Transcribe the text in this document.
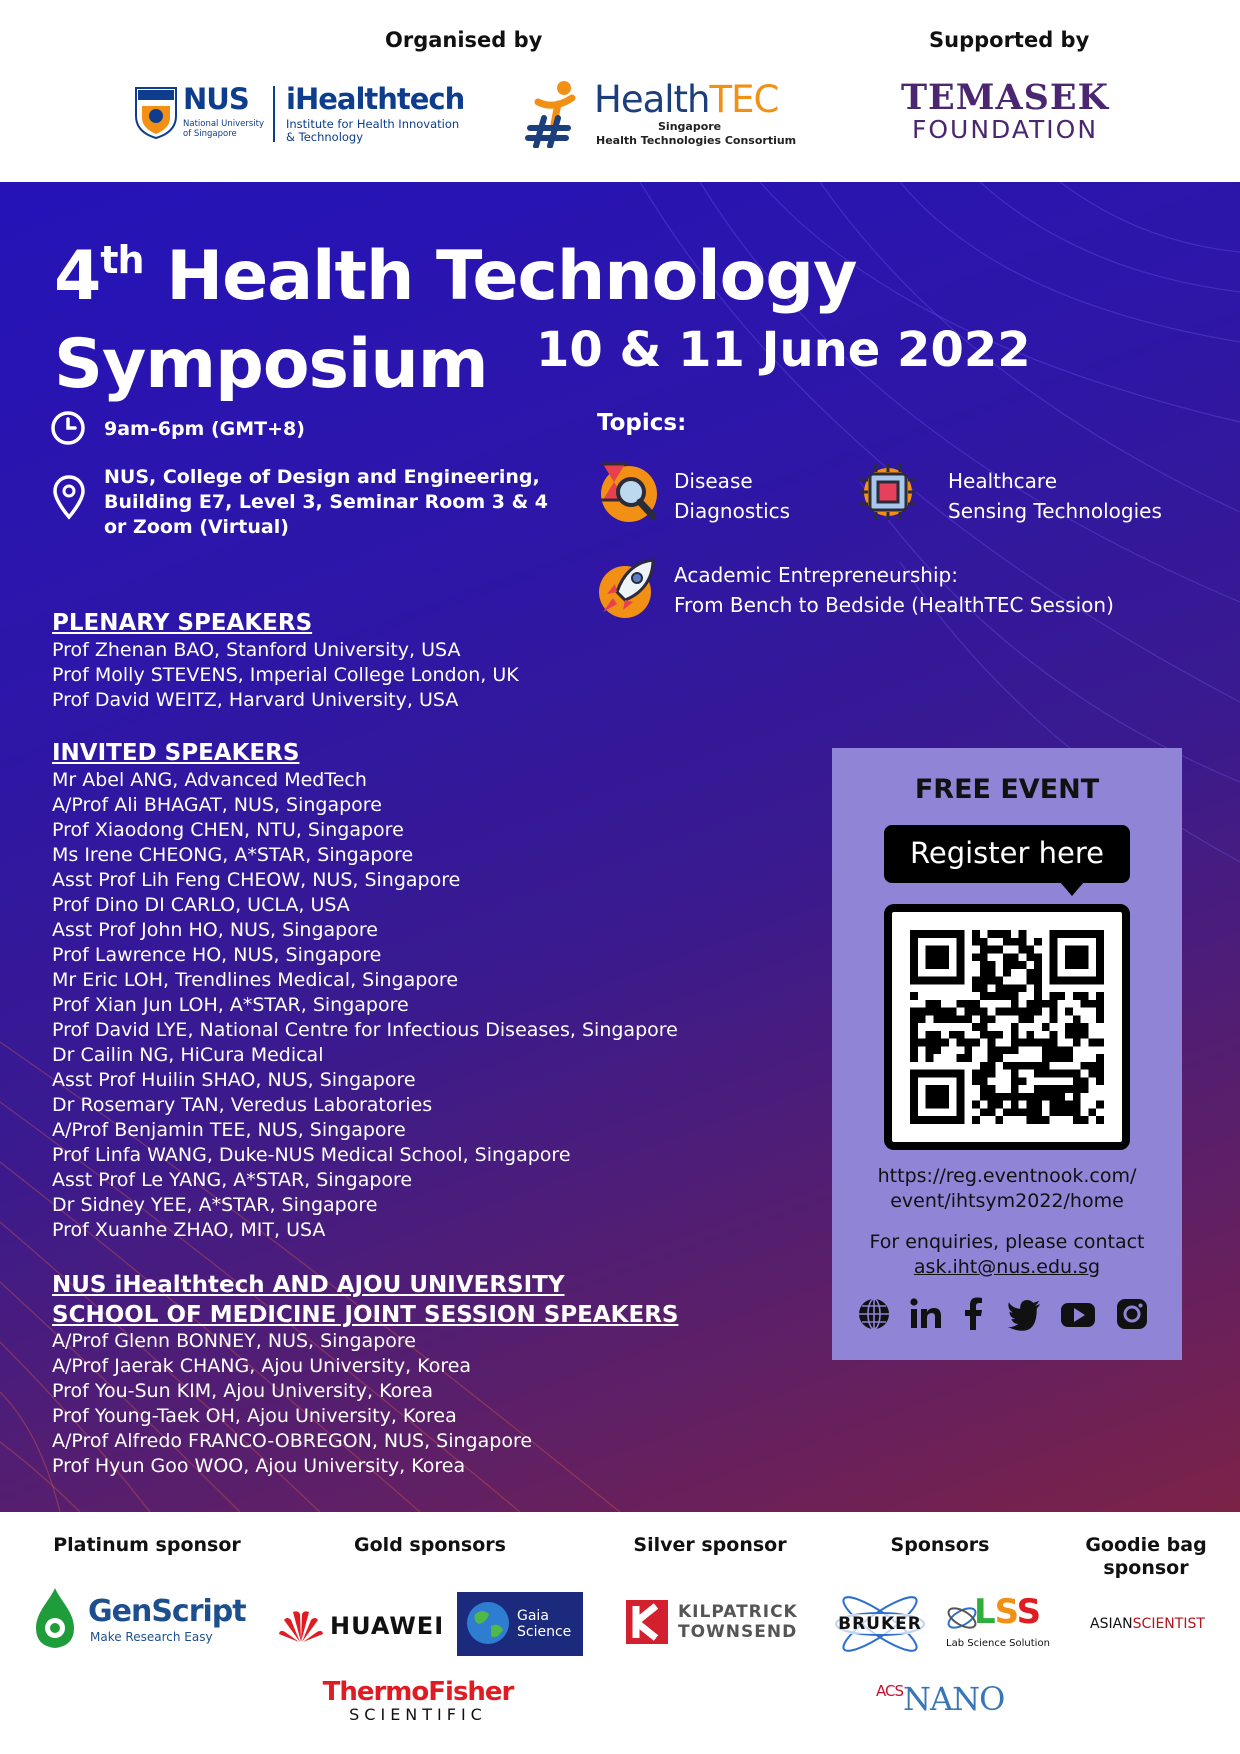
Organised by	Supported by
NUS
National University
of Singapore
iHealthtech
Institute for Health Innovation
& Technology
HealthTEC
Singapore
Health Technologies Consortium
TEMASEK
FOUNDATION
4th Health Technology
Symposium	10 & 11 June 2022
9am-6pm (GMT+8)
NUS, College of Design and Engineering,
Building E7, Level 3, Seminar Room 3 & 4
or Zoom (Virtual)
Topics:
Disease
Diagnostics
Healthcare
Sensing Technologies
Academic Entrepreneurship:
From Bench to Bedside (HealthTEC Session)
PLENARY SPEAKERS
Prof Zhenan BAO, Stanford University, USA
Prof Molly STEVENS, Imperial College London, UK
Prof David WEITZ, Harvard University, USA
INVITED SPEAKERS
Mr Abel ANG, Advanced MedTech
A/Prof Ali BHAGAT, NUS, Singapore
Prof Xiaodong CHEN, NTU, Singapore
Ms Irene CHEONG, A*STAR, Singapore
Asst Prof Lih Feng CHEOW, NUS, Singapore
Prof Dino DI CARLO, UCLA, USA
Asst Prof John HO, NUS, Singapore
Prof Lawrence HO, NUS, Singapore
Mr Eric LOH, Trendlines Medical, Singapore
Prof Xian Jun LOH, A*STAR, Singapore
Prof David LYE, National Centre for Infectious Diseases, Singapore
Dr Cailin NG, HiCura Medical
Asst Prof Huilin SHAO, NUS, Singapore
Dr Rosemary TAN, Veredus Laboratories
A/Prof Benjamin TEE, NUS, Singapore
Prof Linfa WANG, Duke-NUS Medical School, Singapore
Asst Prof Le YANG, A*STAR, Singapore
Dr Sidney YEE, A*STAR, Singapore
Prof Xuanhe ZHAO, MIT, USA
NUS iHealthtech AND AJOU UNIVERSITY
SCHOOL OF MEDICINE JOINT SESSION SPEAKERS
A/Prof Glenn BONNEY, NUS, Singapore
A/Prof Jaerak CHANG, Ajou University, Korea
Prof You-Sun KIM, Ajou University, Korea
Prof Young-Taek OH, Ajou University, Korea
A/Prof Alfredo FRANCO-OBREGON, NUS, Singapore
Prof Hyun Goo WOO, Ajou University, Korea
FREE EVENT
Register here
https://reg.eventnook.com/
event/ihtsym2022/home
For enquiries, please contact
ask.iht@nus.edu.sg
Platinum sponsor	Gold sponsors	Silver sponsor	Sponsors	Goodie bag
sponsor
GenScript
Make Research Easy	HUAWEI	Gaia
Science
KILPATRICK
TOWNSEND
ThermoFisher
SCIENTIFIC
BRUKER LSS
Lab Science Solution
ASIANSCIENTIST
ACSNANO
